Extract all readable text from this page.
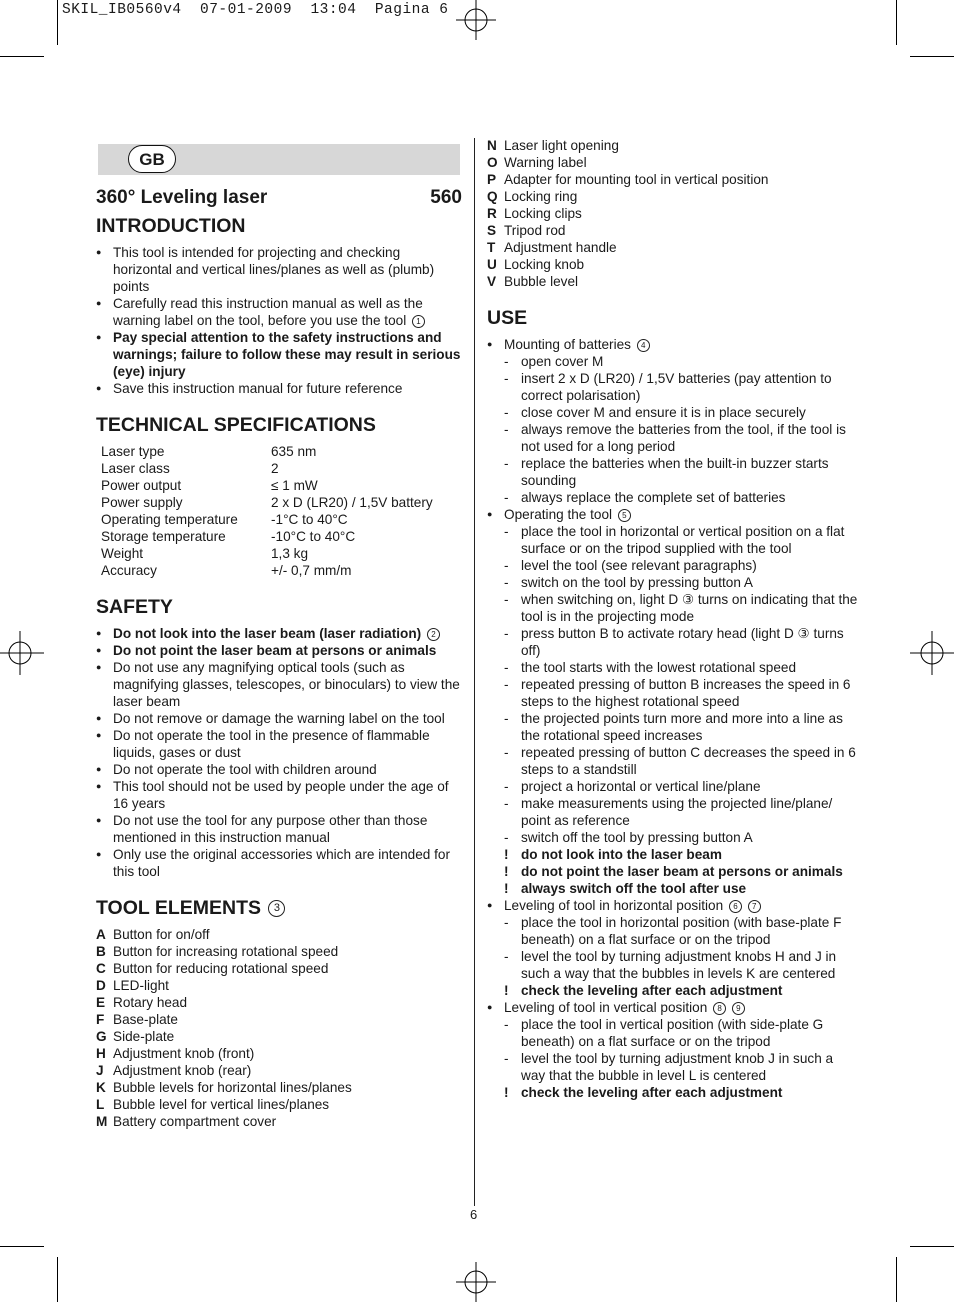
SKIL_IB0560v4  07-01-2009  13:04  Pagina 6
GB
360° Leveling laser	560
INTRODUCTION
● This tool is intended for projecting and checking horizontal and vertical lines/planes as well as (plumb) points
● Carefully read this instruction manual as well as the warning label on the tool, before you use the tool 1
● Pay special attention to the safety instructions and warnings; failure to follow these may result in serious (eye) injury
● Save this instruction manual for future reference
TECHNICAL SPECIFICATIONS
Laser type	635 nm
Laser class	2
Power output	≤ 1 mW
Power supply	2 x D (LR20) / 1,5V battery
Operating temperature	-1°C to 40°C
Storage temperature	-10°C to 40°C
Weight	1,3 kg
Accuracy	+/- 0,7 mm/m
SAFETY
● Do not look into the laser beam (laser radiation) 2
● Do not point the laser beam at persons or animals
● Do not use any magnifying optical tools (such as magnifying glasses, telescopes, or binoculars) to view the laser beam
● Do not remove or damage the warning label on the tool
● Do not operate the tool in the presence of flammable liquids, gases or dust
● Do not operate the tool with children around
● This tool should not be used by people under the age of 16 years
● Do not use the tool for any purpose other than those mentioned in this instruction manual
● Only use the original accessories which are intended for this tool
TOOL ELEMENTS 3
A Button for on/off
B Button for increasing rotational speed
C Button for reducing rotational speed
D LED-light
E Rotary head
F Base-plate
G Side-plate
H Adjustment knob (front)
J Adjustment knob (rear)
K Bubble levels for horizontal lines/planes
L Bubble level for vertical lines/planes
M Battery compartment cover
N Laser light opening
O Warning label
P Adapter for mounting tool in vertical position
Q Locking ring
R Locking clips
S Tripod rod
T Adjustment handle
U Locking knob
V Bubble level
USE
● Mounting of batteries 4
- open cover M
- insert 2 x D (LR20) / 1,5V batteries (pay attention to correct polarisation)
- close cover M and ensure it is in place securely
- always remove the batteries from the tool, if the tool is not used for a long period
- replace the batteries when the built-in buzzer starts sounding
- always replace the complete set of batteries
● Operating the tool 5
- place the tool in horizontal or vertical position on a flat surface or on the tripod supplied with the tool
- level the tool (see relevant paragraphs)
- switch on the tool by pressing button A
- when switching on, light D ③ turns on indicating that the tool is in the projecting mode
- press button B to activate rotary head (light D ③ turns off)
- the tool starts with the lowest rotational speed
- repeated pressing of button B increases the speed in 6 steps to the highest rotational speed
- the projected points turn more and more into a line as the rotational speed increases
- repeated pressing of button C decreases the speed in 6 steps to a standstill
- project a horizontal or vertical line/plane
- make measurements using the projected line/plane/ point as reference
- switch off the tool by pressing button A
! do not look into the laser beam
! do not point the laser beam at persons or animals
! always switch off the tool after use
● Leveling of tool in horizontal position 6 7
- place the tool in horizontal position (with base-plate F beneath) on a flat surface or on the tripod
- level the tool by turning adjustment knobs H and J in such a way that the bubbles in levels K are centered
! check the leveling after each adjustment
● Leveling of tool in vertical position 8 9
- place the tool in vertical position (with side-plate G beneath) on a flat surface or on the tripod
- level the tool by turning adjustment knob J in such a way that the bubble in level L is centered
! check the leveling after each adjustment
6
